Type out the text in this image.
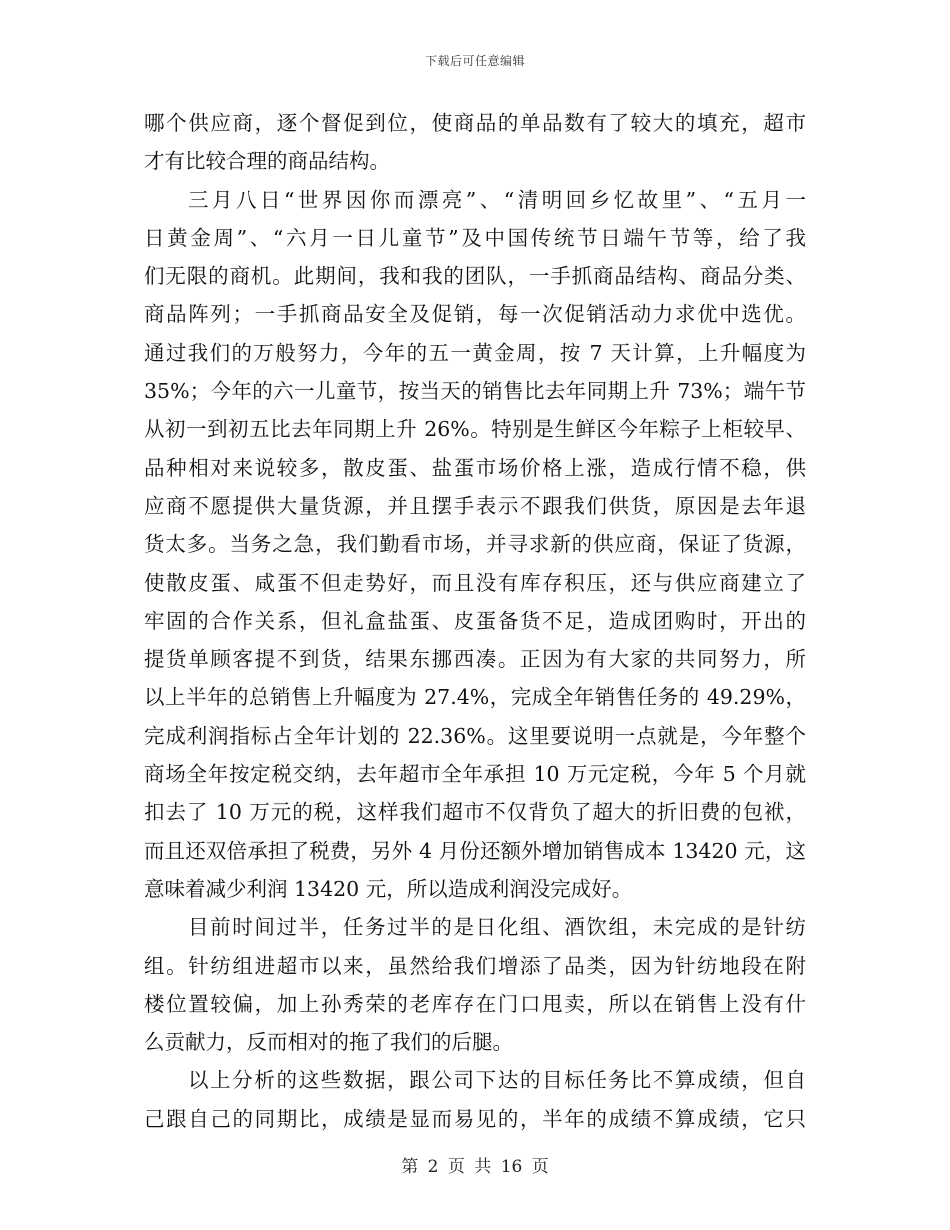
下载后可任意编辑
哪个供应商，逐个督促到位，使商品的单品数有了较大的填充，超市
才有比较合理的商品结构。
三月八日“世界因你而漂亮”、“清明回乡忆故里”、“五月一
日黄金周”、“六月一日儿童节”及中国传统节日端午节等，给了我
们无限的商机。此期间，我和我的团队，一手抓商品结构、商品分类、
商品阵列；一手抓商品安全及促销，每一次促销活动力求优中选优。
通过我们的万般努力，今年的五一黄金周，按 7 天计算，上升幅度为
35%；今年的六一儿童节，按当天的销售比去年同期上升 73%；端午节
从初一到初五比去年同期上升 26%。特别是生鲜区今年粽子上柜较早、
品种相对来说较多，散皮蛋、盐蛋市场价格上涨，造成行情不稳，供
应商不愿提供大量货源，并且摆手表示不跟我们供货，原因是去年退
货太多。当务之急，我们勤看市场，并寻求新的供应商，保证了货源，
使散皮蛋、咸蛋不但走势好，而且没有库存积压，还与供应商建立了
牢固的合作关系，但礼盒盐蛋、皮蛋备货不足，造成团购时，开出的
提货单顾客提不到货，结果东挪西凑。正因为有大家的共同努力，所
以上半年的总销售上升幅度为 27.4%，完成全年销售任务的 49.29%，
完成利润指标占全年计划的 22.36%。这里要说明一点就是，今年整个
商场全年按定税交纳，去年超市全年承担 10 万元定税，今年 5 个月就
扣去了 10 万元的税，这样我们超市不仅背负了超大的折旧费的包袱，
而且还双倍承担了税费，另外 4 月份还额外增加销售成本 13420 元，这
意味着减少利润 13420 元，所以造成利润没完成好。
目前时间过半，任务过半的是日化组、酒饮组，未完成的是针纺
组。针纺组进超市以来，虽然给我们增添了品类，因为针纺地段在附
楼位置较偏，加上孙秀荣的老库存在门口甩卖，所以在销售上没有什
么贡献力，反而相对的拖了我们的后腿。
以上分析的这些数据，跟公司下达的目标任务比不算成绩，但自
己跟自己的同期比，成绩是显而易见的，半年的成绩不算成绩，它只
第 2 页 共 16 页
